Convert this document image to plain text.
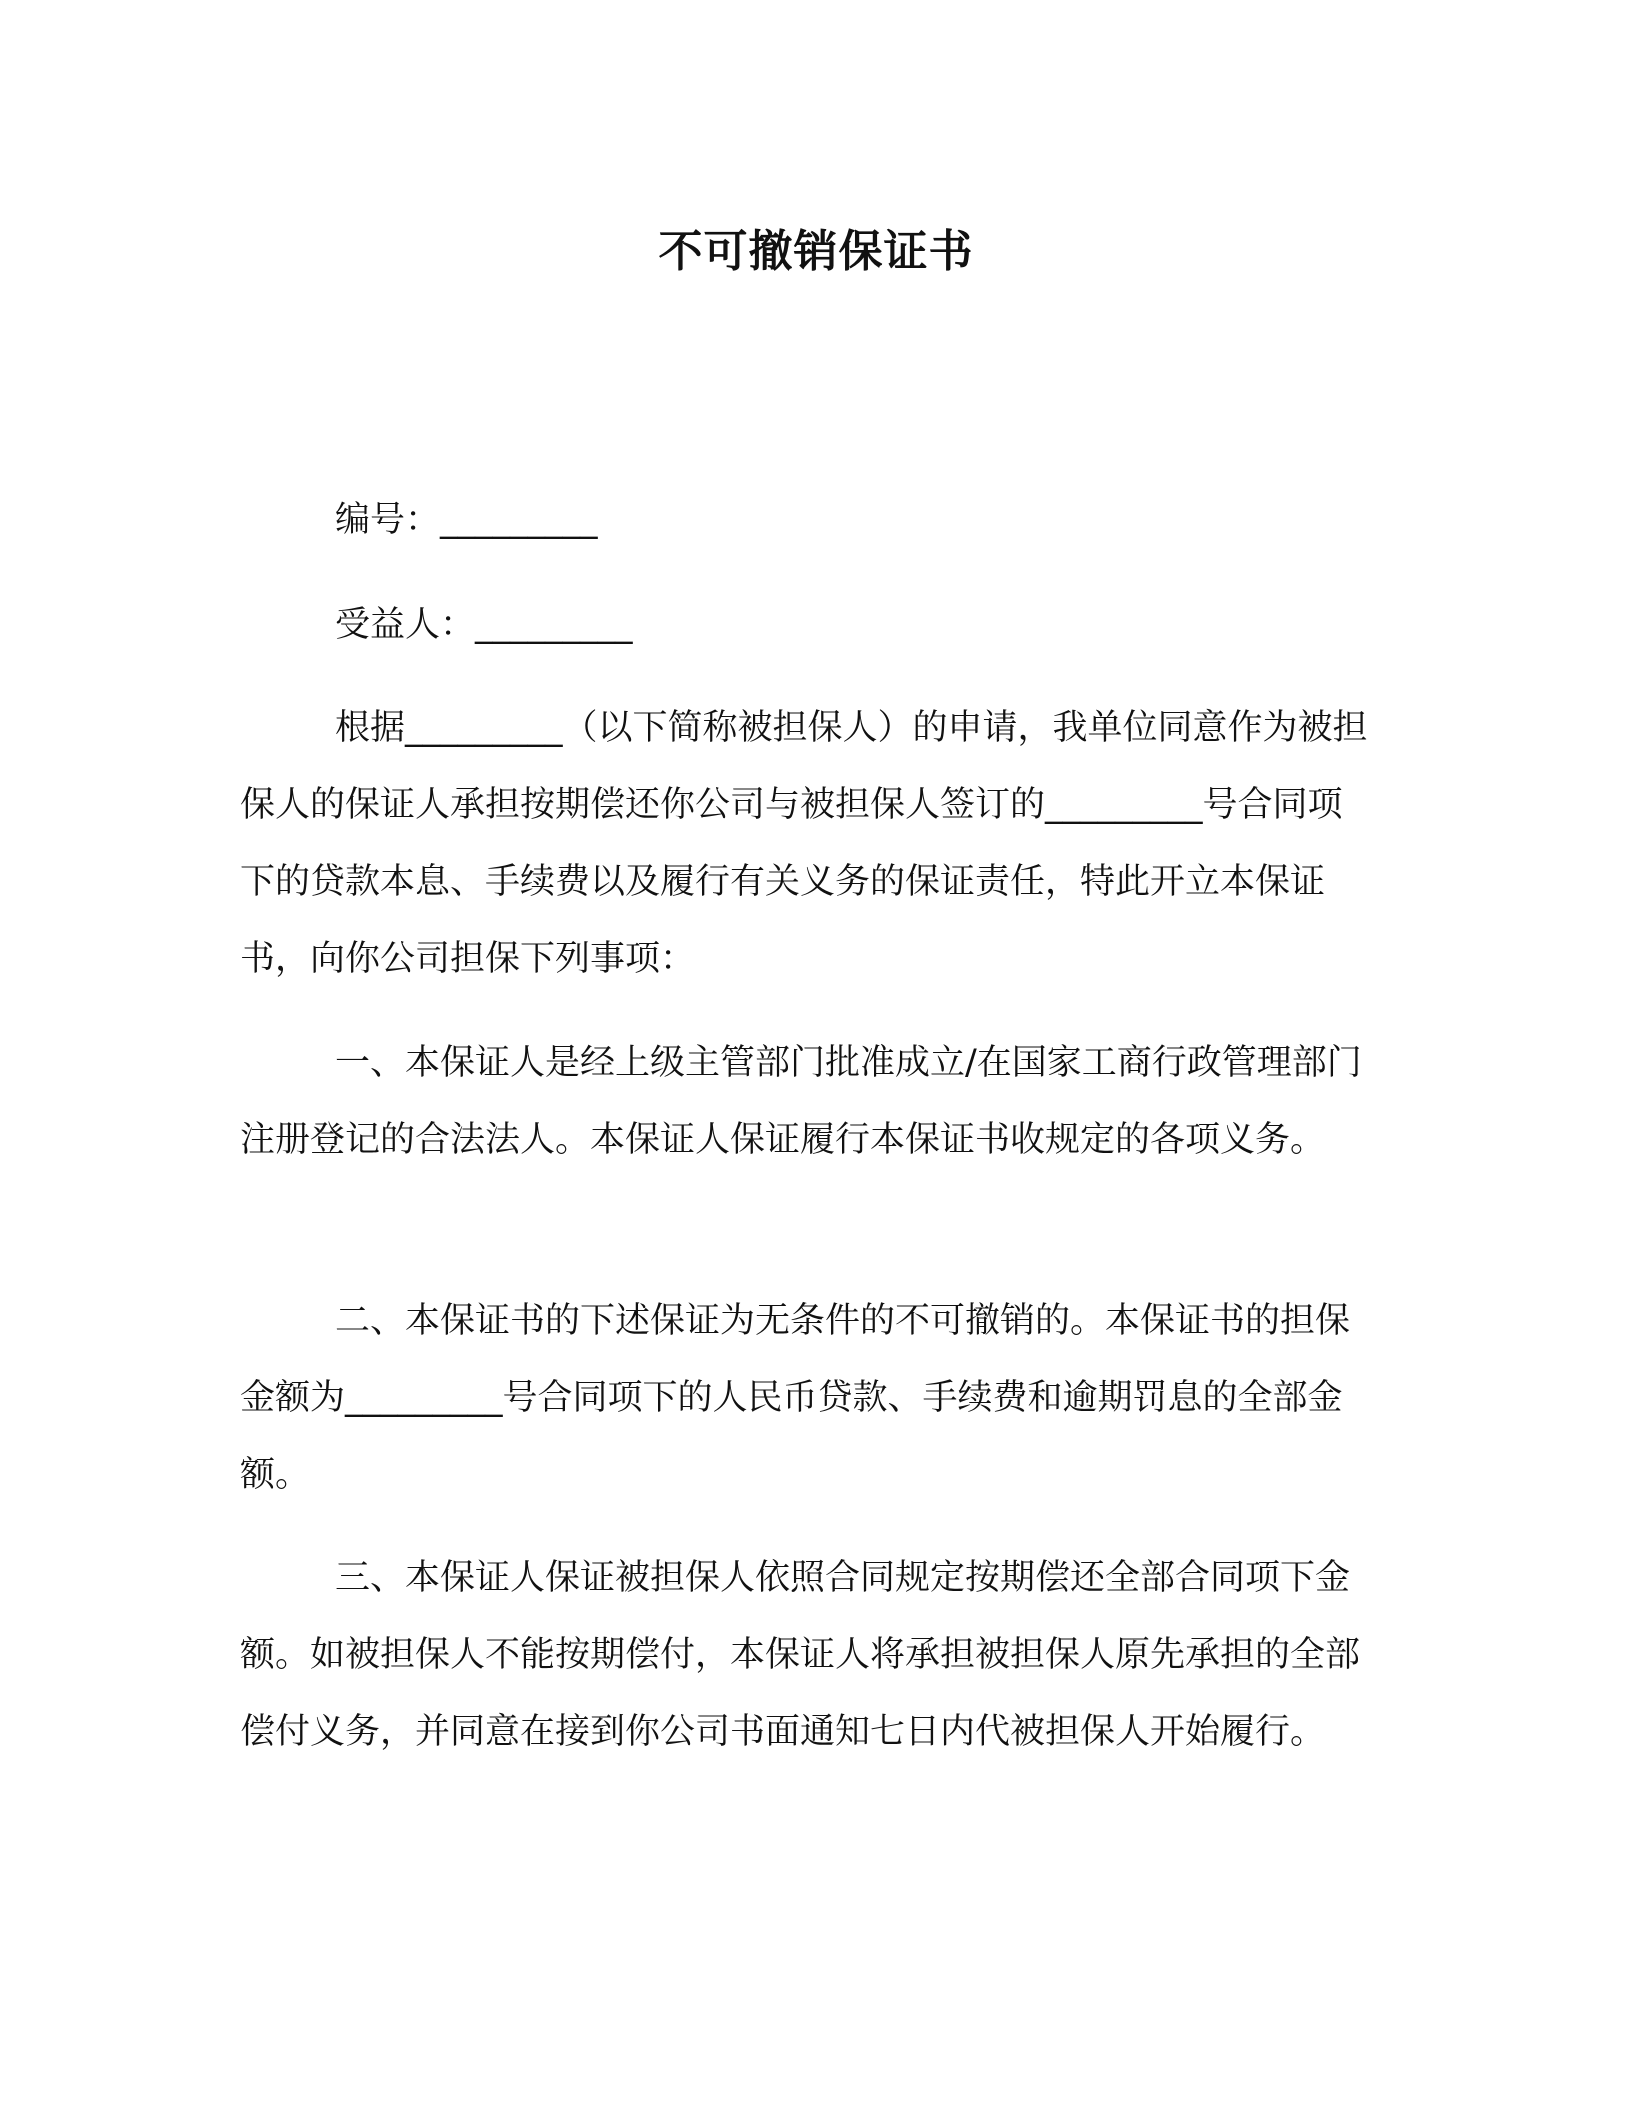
不可撤销保证书

编号：_________

受益人：_________

根据_________（以下简称被担保人）的申请，我单位同意作为被担保人的保证人承担按期偿还你公司与被担保人签订的_________号合同项下的贷款本息、手续费以及履行有关义务的保证责任，特此开立本保证书，向你公司担保下列事项：

一、本保证人是经上级主管部门批准成立/在国家工商行政管理部门注册登记的合法法人。本保证人保证履行本保证书收规定的各项义务。

二、本保证书的下述保证为无条件的不可撤销的。本保证书的担保金额为_________号合同项下的人民币贷款、手续费和逾期罚息的全部金额。

三、本保证人保证被担保人依照合同规定按期偿还全部合同项下金额。如被担保人不能按期偿付，本保证人将承担被担保人原先承担的全部偿付义务，并同意在接到你公司书面通知七日内代被担保人开始履行。
